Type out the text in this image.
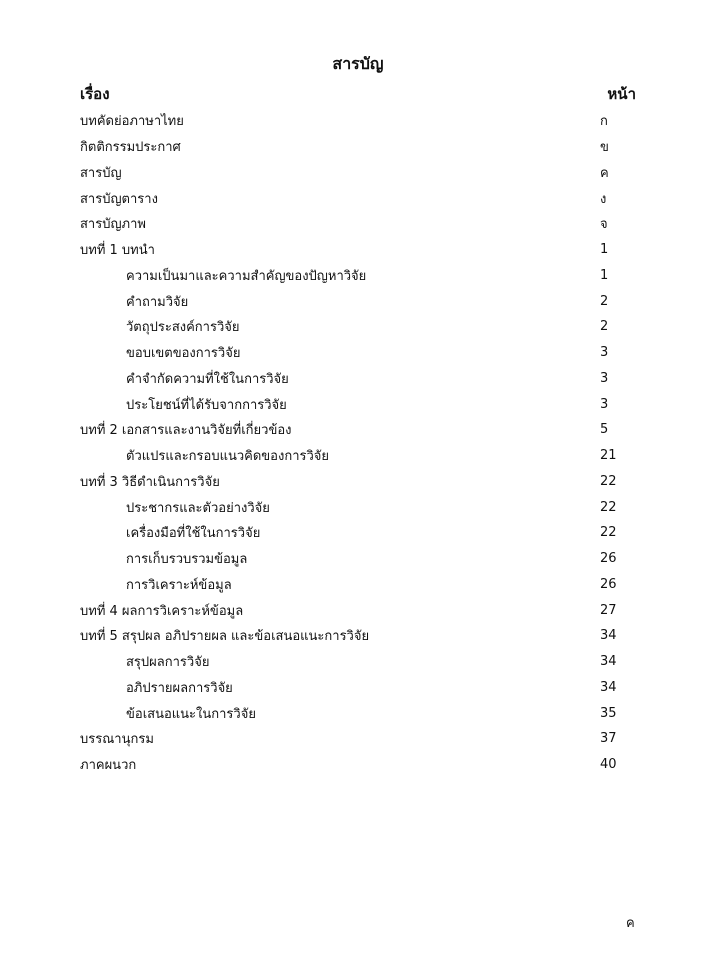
สารบัญ
เรื่อง	หน้า
บทคัดย่อภาษาไทย	ก
กิตติกรรมประกาศ	ข
สารบัญ	ค
สารบัญตาราง	ง
สารบัญภาพ	จ
บทที่ 1 บทนำ	1
ความเป็นมาและความสำคัญของปัญหาวิจัย	1
คำถามวิจัย	2
วัตถุประสงค์การวิจัย	2
ขอบเขตของการวิจัย	3
คำจำกัดความที่ใช้ในการวิจัย	3
ประโยชน์ที่ได้รับจากการวิจัย	3
บทที่ 2 เอกสารและงานวิจัยที่เกี่ยวข้อง	5
ตัวแปรและกรอบแนวคิดของการวิจัย	21
บทที่ 3 วิธีดำเนินการวิจัย	22
ประชากรและตัวอย่างวิจัย	22
เครื่องมือที่ใช้ในการวิจัย	22
การเก็บรวบรวมข้อมูล	26
การวิเคราะห์ข้อมูล	26
บทที่ 4 ผลการวิเคราะห์ข้อมูล	27
บทที่ 5 สรุปผล อภิปรายผล และข้อเสนอแนะการวิจัย	34
สรุปผลการวิจัย	34
อภิปรายผลการวิจัย	34
ข้อเสนอแนะในการวิจัย	35
บรรณานุกรม	37
ภาคผนวก	40
ค
